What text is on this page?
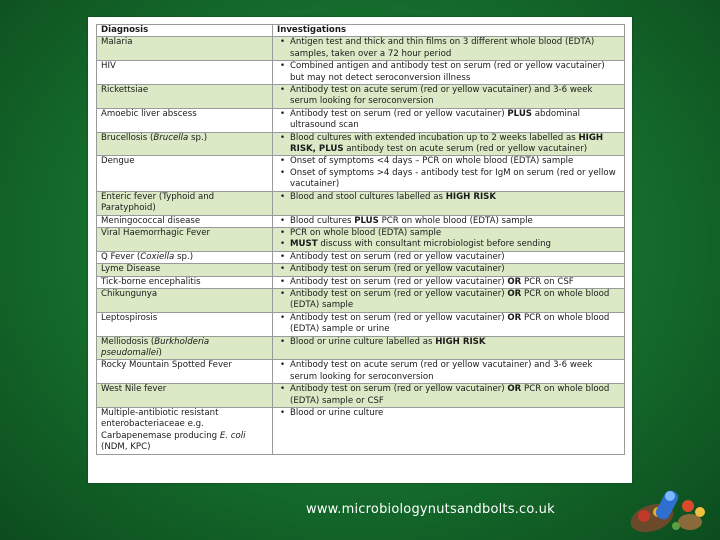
Diagnosis	Investigations
Malaria	• Antigen test and thick and thin films on 3 different whole blood (EDTA) samples, taken over a 72 hour period

HIV	• Combined antigen and antibody test on serum (red or yellow vacutainer) but may not detect seroconversion illness

Rickettsiae	• Antibody test on acute serum (red or yellow vacutainer) and 3-6 week serum looking for seroconversion

Amoebic liver abscess	• Antibody test on serum (red or yellow vacutainer) PLUS abdominal ultrasound scan

Brucellosis (Brucella sp.)	• Blood cultures with extended incubation up to 2 weeks labelled as HIGH RISK, PLUS antibody test on acute serum (red or yellow vacutainer)

Dengue	• Onset of symptoms <4 days – PCR on whole blood (EDTA) sample
• Onset of symptoms >4 days - antibody test for IgM on serum (red or yellow vacutainer)

Enteric fever (Typhoid and Paratyphoid)	• Blood and stool cultures labelled as HIGH RISK

Meningococcal disease	• Blood cultures PLUS PCR on whole blood (EDTA) sample

Viral Haemorrhagic Fever	• PCR on whole blood (EDTA) sample
• MUST discuss with consultant microbiologist before sending

Q Fever (Coxiella sp.)	• Antibody test on serum (red or yellow vacutainer)

Lyme Disease	• Antibody test on serum (red or yellow vacutainer)

Tick-borne encephalitis	• Antibody test on serum (red or yellow vacutainer) OR PCR on CSF

Chikungunya	• Antibody test on serum (red or yellow vacutainer) OR PCR on whole blood (EDTA) sample

Leptospirosis	• Antibody test on serum (red or yellow vacutainer) OR PCR on whole blood (EDTA) sample or urine

Melliodosis (Burkholderia pseudomallei)	• Blood or urine culture labelled as HIGH RISK

Rocky Mountain Spotted Fever	• Antibody test on acute serum (red or yellow vacutainer) and 3-6 week serum looking for seroconversion

West Nile fever	• Antibody test on serum (red or yellow vacutainer) OR PCR on whole blood (EDTA) sample or CSF

Multiple-antibiotic resistant enterobacteriaceae e.g. Carbapenemase producing E. coli (NDM, KPC)	• Blood or urine culture
www.microbiologynutsandbolts.co.uk
